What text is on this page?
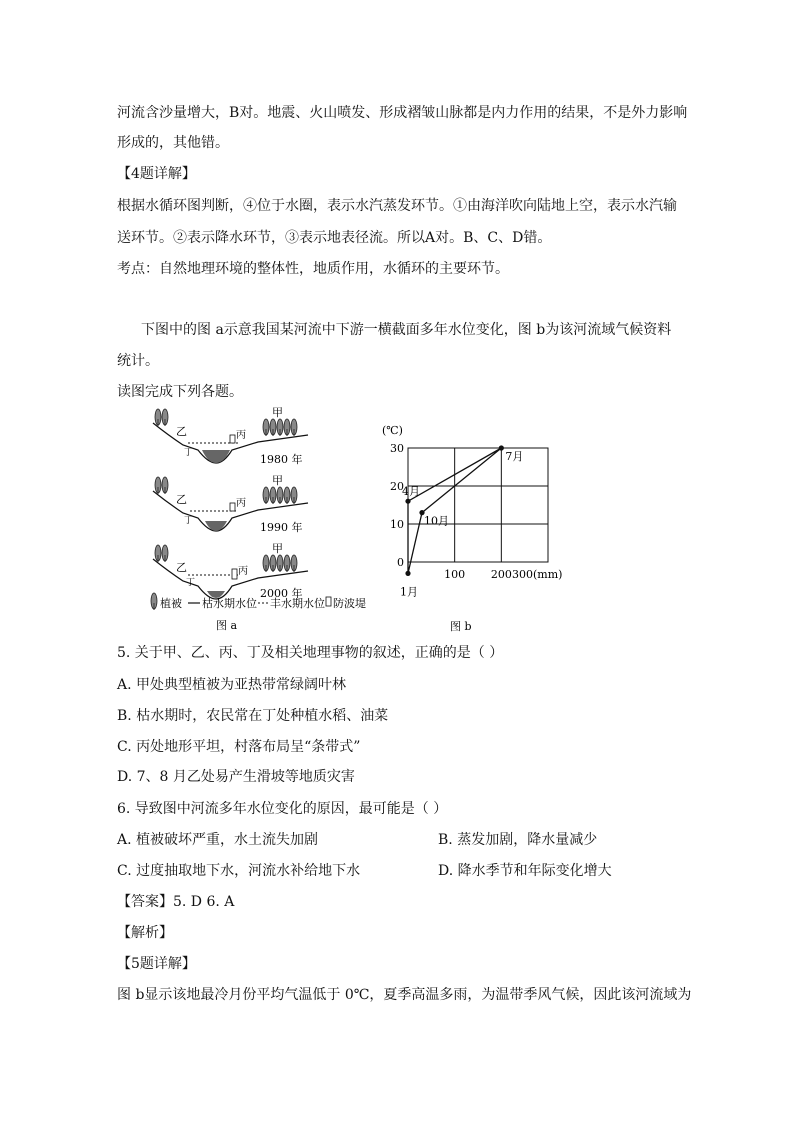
河流含沙量增大，B对。地震、火山喷发、形成褶皱山脉都是内力作用的结果，不是外力影响

形成的，其他错。

【4题详解】

根据水循环图判断，④位于水圈，表示水汽蒸发环节。①由海洋吹向陆地上空，表示水汽输

送环节。②表示降水环节，③表示地表径流。所以A对。B、C、D错。

考点：自然地理环境的整体性，地质作用，水循环的主要环节。

下图中的图 a示意我国某河流中下游一横截面多年水位变化，图 b为该河流域气候资料

统计。

读图完成下列各题。

甲
乙	丙
丁	1980 年
甲
乙	丙
丁	1990 年
甲
乙	丙
丁
2000 年
植被 枯水期水位 丰水期水位 防波堤
图 a
(℃)
0
10
20
30
100 200 300(mm)
1月
4月
7月
10月
图 b

5. 关于甲、乙、丙、丁及相关地理事物的叙述，正确的是（ ）

A. 甲处典型植被为亚热带常绿阔叶林

B. 枯水期时，农民常在丁处种植水稻、油菜

C. 丙处地形平坦，村落布局呈“条带式”

D. 7、8 月乙处易产生滑坡等地质灾害

6. 导致图中河流多年水位变化的原因，最可能是（ ）

A. 植被破坏严重，水土流失加剧	B. 蒸发加剧，降水量减少

C. 过度抽取地下水，河流水补给地下水	D. 降水季节和年际变化增大

【答案】5. D 6. A

【解析】

【5题详解】

图 b显示该地最冷月份平均气温低于 0℃，夏季高温多雨，为温带季风气候，因此该河流域为
